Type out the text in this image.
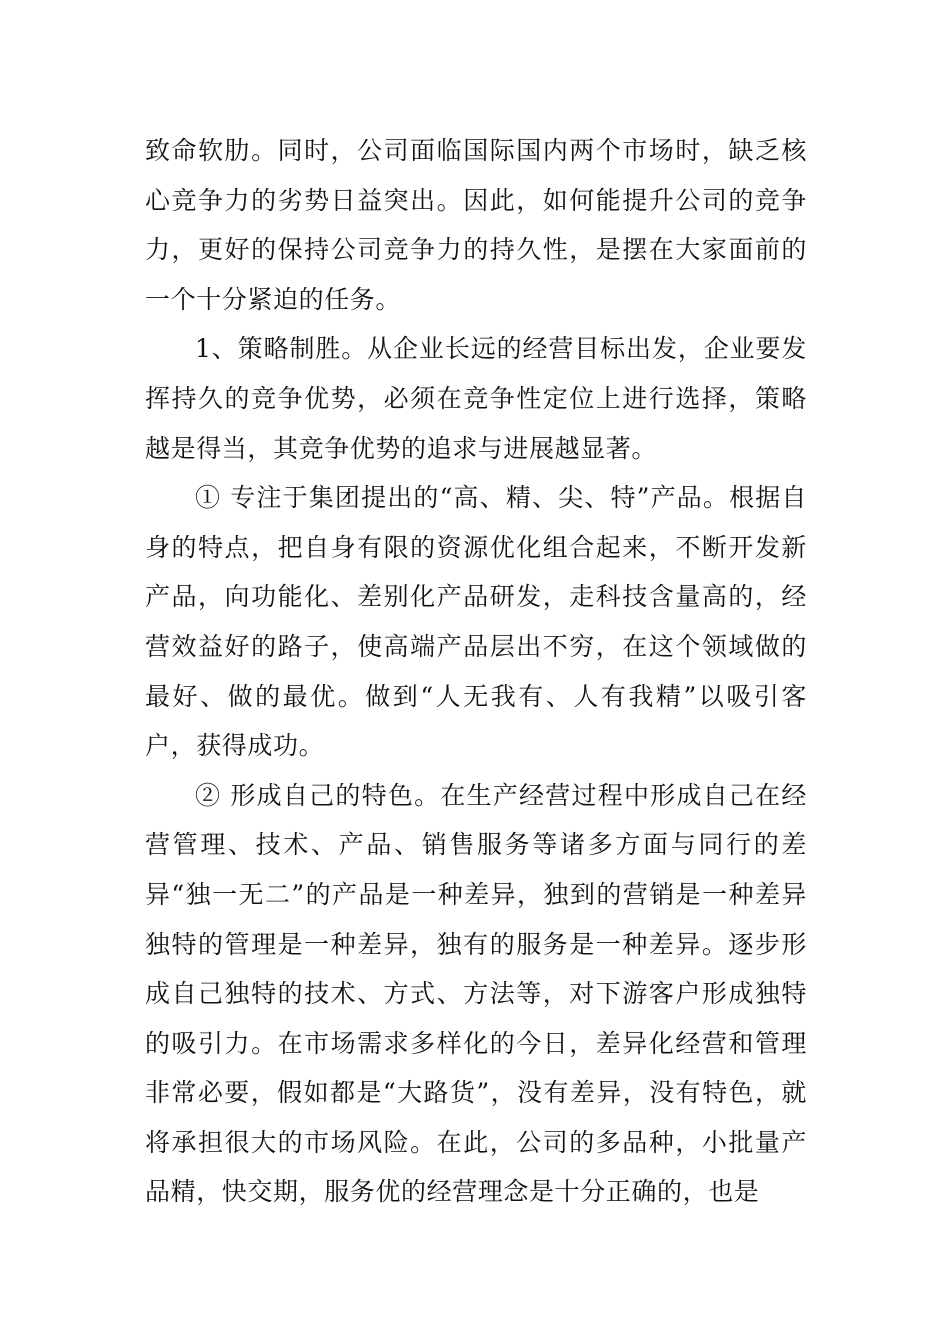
致命软肋。同时，公司面临国际国内两个市场时，缺乏核心竞争力的劣势日益突出。因此，如何能提升公司的竞争力，更好的保持公司竞争力的持久性，是摆在大家面前的一个十分紧迫的任务。

1、策略制胜。从企业长远的经营目标出发，企业要发挥持久的竞争优势，必须在竞争性定位上进行选择，策略越是得当，其竞争优势的追求与进展越显著。

① 专注于集团提出的“高、精、尖、特”产品。根据自身的特点，把自身有限的资源优化组合起来，不断开发新产品，向功能化、差别化产品研发，走科技含量高的，经营效益好的路子，使高端产品层出不穷，在这个领域做的最好、做的最优。做到“人无我有、人有我精”以吸引客户，获得成功。

② 形成自己的特色。在生产经营过程中形成自己在经营管理、技术、产品、销售服务等诸多方面与同行的差异“独一无二”的产品是一种差异，独到的营销是一种差异独特的管理是一种差异，独有的服务是一种差异。逐步形成自己独特的技术、方式、方法等，对下游客户形成独特的吸引力。在市场需求多样化的今日，差异化经营和管理非常必要，假如都是“大路货”，没有差异，没有特色，就将承担很大的市场风险。在此，公司的多品种，小批量产品精，快交期，服务优的经营理念是十分正确的，也是
